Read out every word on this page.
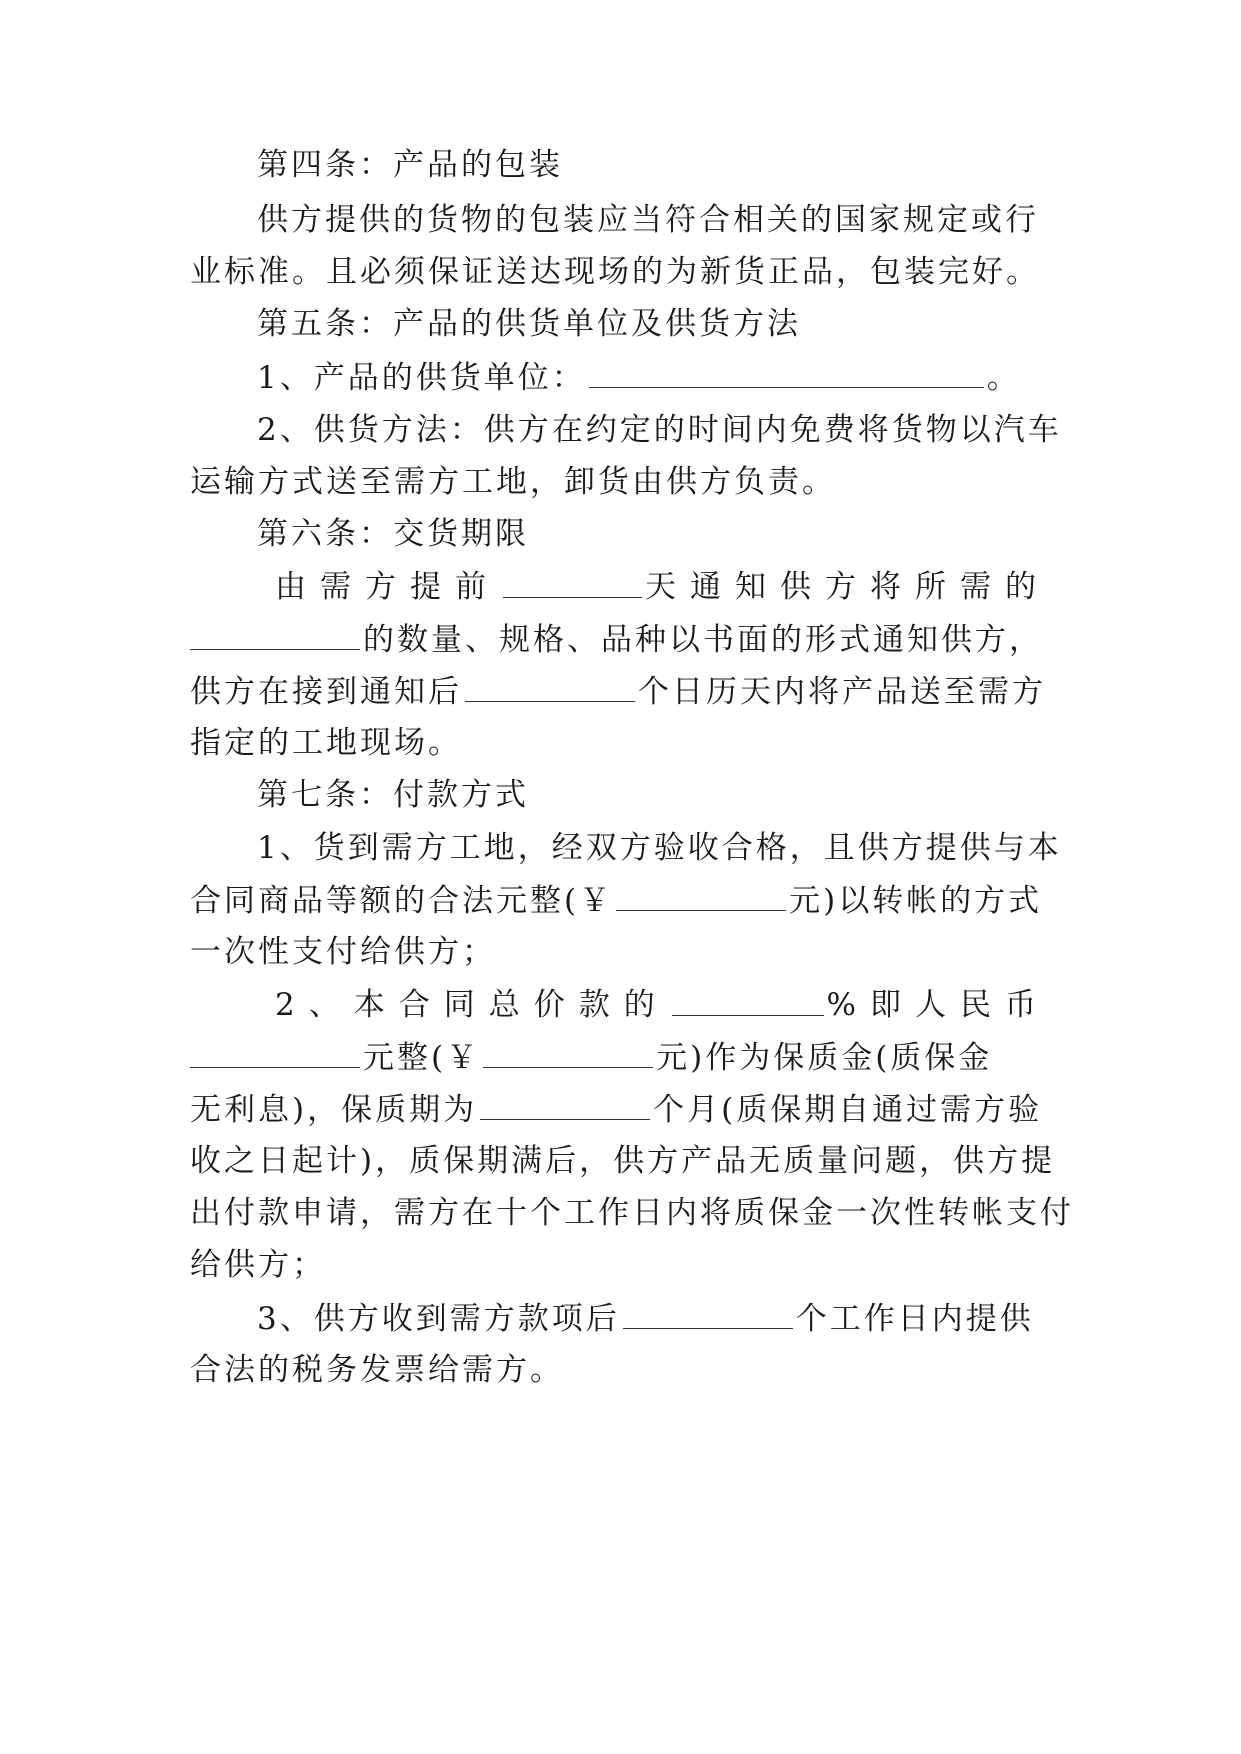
第四条：产品的包装
供方提供的货物的包装应当符合相关的国家规定或行
业标准。且必须保证送达现场的为新货正品，包装完好。
第五条：产品的供货单位及供货方法
1、产品的供货单位：	。
2、供货方法：供方在约定的时间内免费将货物以汽车
运输方式送至需方工地，卸货由供方负责。
第六条：交货期限
由需方提前	天通知供方将所需的
的数量、规格、品种以书面的形式通知供方，
供方在接到通知后	个日历天内将产品送至需方
指定的工地现场。
第七条：付款方式
1、货到需方工地，经双方验收合格，且供方提供与本
合同商品等额的合法元整(￥	元)以转帐的方式
一次性支付给供方；
2、本合同总价款的	%即人民币
元整(￥	元)作为保质金(质保金
无利息)，保质期为	个月(质保期自通过需方验
收之日起计)，质保期满后，供方产品无质量问题，供方提
出付款申请，需方在十个工作日内将质保金一次性转帐支付
给供方；
3、供方收到需方款项后	个工作日内提供
合法的税务发票给需方。
